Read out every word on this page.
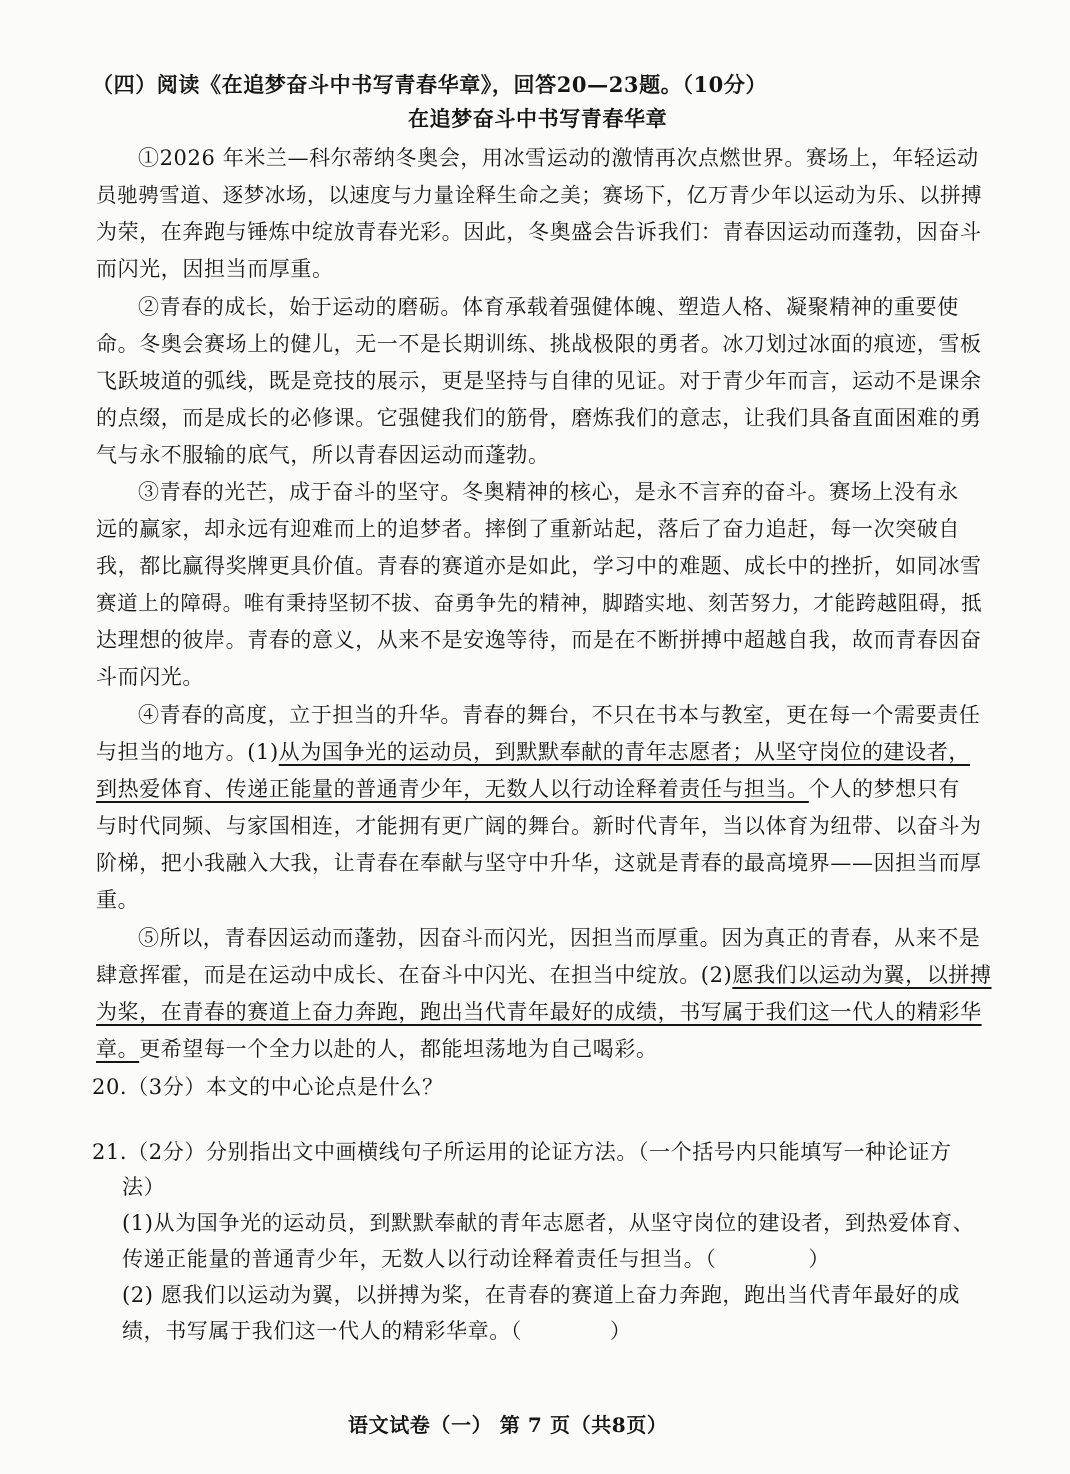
（四）阅读《在追梦奋斗中书写青春华章》，回答20—23题。（10分）
在追梦奋斗中书写青春华章
①2026 年米兰—科尔蒂纳冬奥会，用冰雪运动的激情再次点燃世界。赛场上，年轻运动
员驰骋雪道、逐梦冰场，以速度与力量诠释生命之美；赛场下，亿万青少年以运动为乐、以拼搏
为荣，在奔跑与锤炼中绽放青春光彩。因此，冬奥盛会告诉我们：青春因运动而蓬勃，因奋斗
而闪光，因担当而厚重。
②青春的成长，始于运动的磨砺。体育承载着强健体魄、塑造人格、凝聚精神的重要使
命。冬奥会赛场上的健儿，无一不是长期训练、挑战极限的勇者。冰刀划过冰面的痕迹，雪板
飞跃坡道的弧线，既是竞技的展示，更是坚持与自律的见证。对于青少年而言，运动不是课余
的点缀，而是成长的必修课。它强健我们的筋骨，磨炼我们的意志，让我们具备直面困难的勇
气与永不服输的底气，所以青春因运动而蓬勃。
③青春的光芒，成于奋斗的坚守。冬奥精神的核心，是永不言弃的奋斗。赛场上没有永
远的赢家，却永远有迎难而上的追梦者。摔倒了重新站起，落后了奋力追赶，每一次突破自
我，都比赢得奖牌更具价值。青春的赛道亦是如此，学习中的难题、成长中的挫折，如同冰雪
赛道上的障碍。唯有秉持坚韧不拔、奋勇争先的精神，脚踏实地、刻苦努力，才能跨越阻碍，抵
达理想的彼岸。青春的意义，从来不是安逸等待，而是在不断拼搏中超越自我，故而青春因奋
斗而闪光。
④青春的高度，立于担当的升华。青春的舞台，不只在书本与教室，更在每一个需要责任
与担当的地方。(1)从为国争光的运动员，到默默奉献的青年志愿者；从坚守岗位的建设者，
到热爱体育、传递正能量的普通青少年，无数人以行动诠释着责任与担当。个人的梦想只有
与时代同频、与家国相连，才能拥有更广阔的舞台。新时代青年，当以体育为纽带、以奋斗为
阶梯，把小我融入大我，让青春在奉献与坚守中升华，这就是青春的最高境界——因担当而厚
重。
⑤所以，青春因运动而蓬勃，因奋斗而闪光，因担当而厚重。因为真正的青春，从来不是
肆意挥霍，而是在运动中成长、在奋斗中闪光、在担当中绽放。(2)愿我们以运动为翼，以拼搏
为桨，在青春的赛道上奋力奔跑，跑出当代青年最好的成绩，书写属于我们这一代人的精彩华
章。更希望每一个全力以赴的人，都能坦荡地为自己喝彩。
20.（3分）本文的中心论点是什么？
21.（2分）分别指出文中画横线句子所运用的论证方法。（一个括号内只能填写一种论证方
法）
(1)从为国争光的运动员，到默默奉献的青年志愿者，从坚守岗位的建设者，到热爱体育、
传递正能量的普通青少年，无数人以行动诠释着责任与担当。（	）
(2) 愿我们以运动为翼，以拼搏为桨，在青春的赛道上奋力奔跑，跑出当代青年最好的成
绩，书写属于我们这一代人的精彩华章。（	）
语文试卷（一） 第 7 页（共8页）
